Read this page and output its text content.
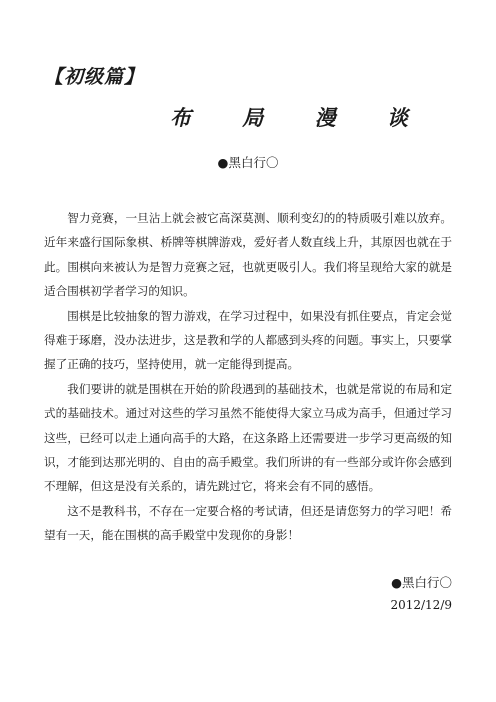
【初级篇】
布 局 漫 谈
●黑白行〇

智力竞赛，一旦沾上就会被它高深莫测、顺利变幻的的特质吸引难以放弃。近年来盛行国际象棋、桥牌等棋牌游戏，爱好者人数直线上升，其原因也就在于此。围棋向来被认为是智力竞赛之冠，也就更吸引人。我们将呈现给大家的就是适合围棋初学者学习的知识。

围棋是比较抽象的智力游戏，在学习过程中，如果没有抓住要点，肯定会觉得难于琢磨，没办法进步，这是教和学的人都感到头疼的问题。事实上，只要掌握了正确的技巧，坚持使用，就一定能得到提高。

我们要讲的就是围棋在开始的阶段遇到的基础技术，也就是常说的布局和定式的基础技术。通过对这些的学习虽然不能使得大家立马成为高手，但通过学习这些，已经可以走上通向高手的大路，在这条路上还需要进一步学习更高级的知识，才能到达那光明的、自由的高手殿堂。我们所讲的有一些部分或许你会感到不理解，但这是没有关系的，请先跳过它，将来会有不同的感悟。

这不是教科书，不存在一定要合格的考试请，但还是请您努力的学习吧！希望有一天，能在围棋的高手殿堂中发现你的身影！

●黑白行〇
2012/12/9
